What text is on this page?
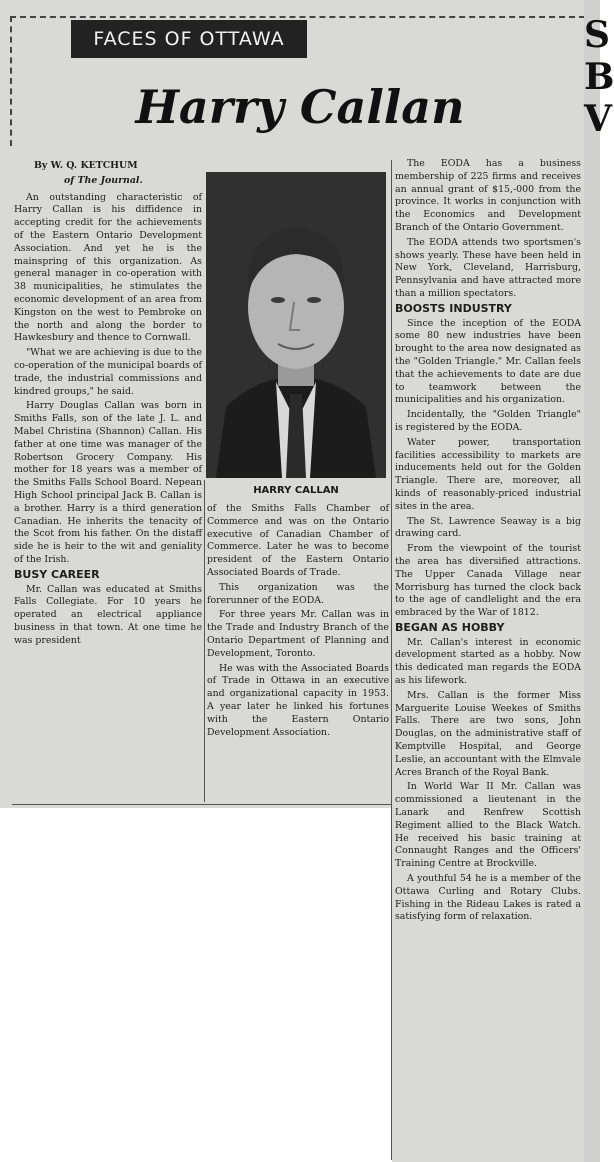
FACES OF OTTAWA
Harry Callan
By W. Q. KETCHUM
of The Journal.

An outstanding characteristic of Harry Callan is his diffidence in accepting credit for the achievements of the Eastern Ontario Development Association. And yet he is the mainspring of this organization. As general manager in co-operation with 38 municipalities, he stimulates the economic development of an area from Kingston on the west to Pembroke on the north and along the border to Hawkesbury and thence to Cornwall.

"What we are achieving is due to the co-operation of the municipal boards of trade, the industrial commissions and kindred groups," he said.

Harry Douglas Callan was born in Smiths Falls, son of the late J. L. and Mabel Christina (Shannon) Callan. His father at one time was manager of the Robertson Grocery Company. His mother for 18 years was a member of the Smiths Falls School Board. Nepean High School principal Jack B. Callan is a brother. Harry is a third generation Canadian. He inherits the tenacity of the Scot from his father. On the distaff side he is heir to the wit and geniality of the Irish.

BUSY CAREER

Mr. Callan was educated at Smiths Falls Collegiate. For 10 years he operated an electrical appliance business in that town. At one time he was president

HARRY CALLAN

of the Smiths Falls Chamber of Commerce and was on the Ontario executive of Canadian Chamber of Commerce. Later he was to become president of the Eastern Ontario Associated Boards of Trade.

This organization was the forerunner of the EODA.

For three years Mr. Callan was in the Trade and Industry Branch of the Ontario Department of Planning and Development, Toronto.

He was with the Associated Boards of Trade in Ottawa in an executive and organizational capacity in 1953. A year later he linked his fortunes with the Eastern Ontario Development Association.

The EODA has a business membership of 225 firms and receives an annual grant of $15,-000 from the province. It works in conjunction with the Economics and Development Branch of the Ontario Government.

The EODA attends two sportsmen's shows yearly. These have been held in New York, Cleveland, Harrisburg, Pennsylvania and have attracted more than a million spectators.

BOOSTS INDUSTRY

Since the inception of the EODA some 80 new industries have been brought to the area now designated as the "Golden Triangle." Mr. Callan feels that the achievements to date are due to teamwork between the municipalities and his organization.

Incidentally, the "Golden Triangle" is registered by the EODA.

Water power, transportation facilities accessibility to markets are inducements held out for the Golden Triangle. There are, moreover, all kinds of reasonably-priced industrial sites in the area.

The St. Lawrence Seaway is a big drawing card.

From the viewpoint of the tourist the area has diversified attractions. The Upper Canada Village near Morrisburg has turned the clock back to the age of candlelight and the era embraced by the War of 1812.

BEGAN AS HOBBY

Mr. Callan's interest in economic development started as a hobby. Now this dedicated man regards the EODA as his lifework.

Mrs. Callan is the former Miss Marguerite Louise Weekes of Smiths Falls. There are two sons, John Douglas, on the administrative staff of Kemptville Hospital, and George Leslie, an accountant with the Elmvale Acres Branch of the Royal Bank.

In World War II Mr. Callan was commissioned a lieutenant in the Lanark and Renfrew Scottish Regiment allied to the Black Watch. He received his basic training at Connaught Ranges and the Officers' Training Centre at Brockville.

A youthful 54 he is a member of the Ottawa Curling and Rotary Clubs. Fishing in the Rideau Lakes is rated a satisfying form of relaxation.

S
B
V
